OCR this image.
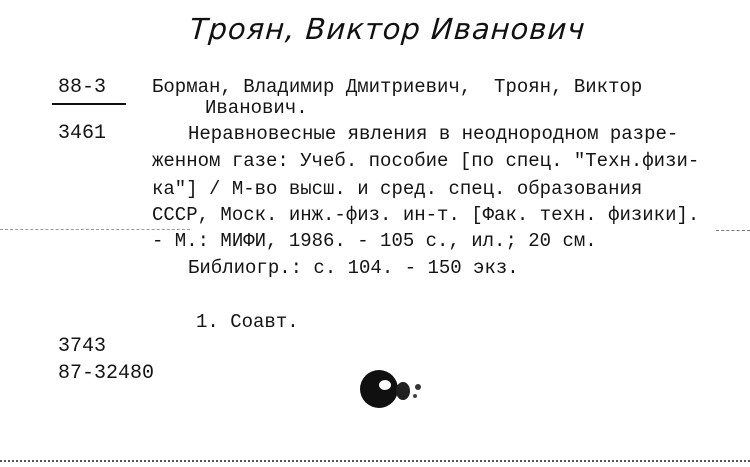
Троян, Виктор Иванович
88-3
3461
Борман, Владимир Дмитриевич,  Троян, Виктор
Иванович.
Неравновесные явления в неоднородном разре-
женном газе: Учеб. пособие [по спец. "Техн.физи-
ка"] / М-во высш. и сред. спец. образования
СССР, Моск. инж.-физ. ин-т. [Фак. техн. физики].
- М.: МИФИ, 1986. - 105 с., ил.; 20 см.
Библиогр.: с. 104. - 150 экз.
1. Соавт.
3743
87-32480
